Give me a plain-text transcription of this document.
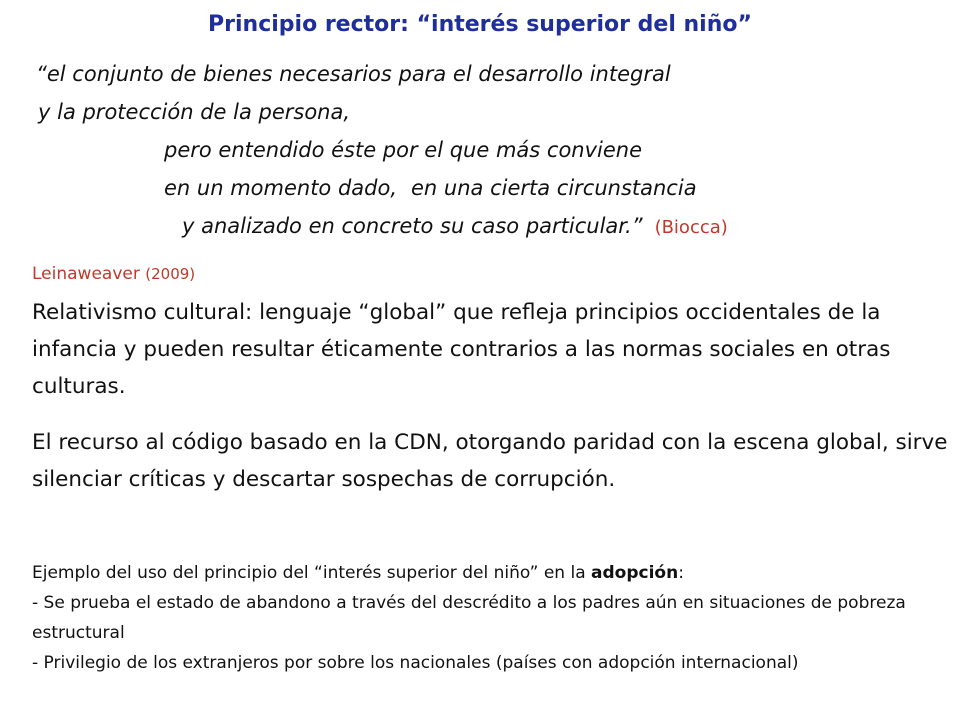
Principio rector: “interés superior del niño”
“el conjunto de bienes necesarios para el desarrollo integral
y la protección de la persona,
pero entendido éste por el que más conviene
en un momento dado, en una cierta circunstancia
y analizado en concreto su caso particular.” (Biocca)
Leinaweaver (2009)
Relativismo cultural: lenguaje “global” que refleja principios occidentales de la infancia y pueden resultar éticamente contrarios a las normas sociales en otras culturas.
El recurso al código basado en la CDN, otorgando paridad con la escena global, sirve silenciar críticas y descartar sospechas de corrupción.
Ejemplo del uso del principio del “interés superior del niño” en la adopción:
- Se prueba el estado de abandono a través del descrédito a los padres aún en situaciones de pobreza estructural
- Privilegio de los extranjeros por sobre los nacionales (países con adopción internacional)
